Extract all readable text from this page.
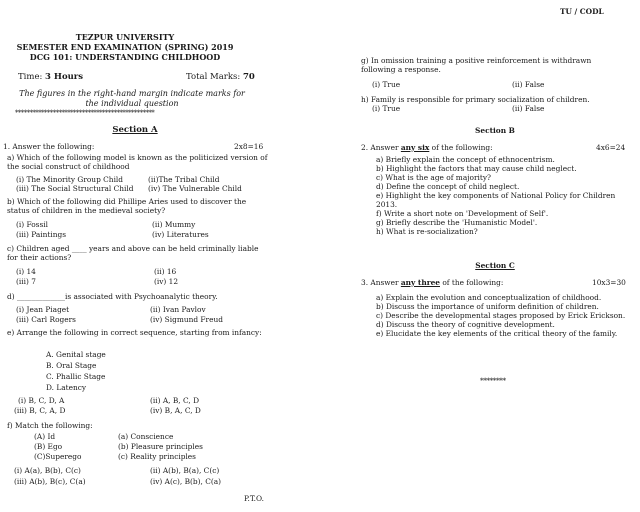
TU / CODL
TEZPUR UNIVERSITY
SEMESTER END EXAMINATION (SPRING) 2019
DCG 101: UNDERSTANDING CHILDHOOD
Time: 3 Hours	Total Marks: 70
The figures in the right-hand margin indicate marks for the individual question
************************************************
Section A
1. Answer the following:	2x8=16
a) Which of the following model is known as the politicized version of the social construct of childhood
(i) The Minority Group Child	(ii)The Tribal Child
(iii) The Social Structural Child (iv) The Vulnerable Child
b) Which of the following did Phillipe Aries used to discover the status of children in the medieval society?
(i) Fossil	(ii) Mummy
(iii) Paintings	(iv) Literatures
c) Children aged ____ years and above can be held criminally liable for their actions?
(i) 14	(ii) 16
(iii) 7	(iv) 12
d) _____________is associated with Psychoanalytic theory.
(i) Jean Piaget	(ii) Ivan Pavlov
(iii) Carl Rogers	(iv) Sigmund Freud
e) Arrange the following in correct sequence, starting from infancy:
A. Genital stage
B. Oral Stage
C. Phallic Stage
D. Latency
(i) B, C, D, A	(ii) A, B, C, D
(iii) B, C, A, D	(iv) B, A, C, D
f) Match the following:
(A) Id	(a) Conscience
(B) Ego	(b) Pleasure principles
(C)Superego	(c) Reality principles
(i) A(a), B(b), C(c)	(ii) A(b), B(a), C(c)
(iii) A(b), B(c), C(a)	(iv) A(c), B(b), C(a)
P.T.O.
g) In omission training a positive reinforcement is withdrawn following a response.
(i) True	(ii) False
h) Family is responsible for primary socialization of children.
(i) True	(ii) False
Section B
2. Answer any six of the following:	4x6=24
a) Briefly explain the concept of ethnocentrism.
b) Highlight the factors that may cause child neglect.
c) What is the age of majority?
d) Define the concept of child neglect.
e) Highlight the key components of National Policy for Children 2013.
f) Write a short note on 'Development of Self'.
g) Briefly describe the 'Humanistic Model'.
h) What is re-socialization?
Section C
3. Answer any three of the following:	10x3=30
a) Explain the evolution and conceptualization of childhood.
b) Discuss the importance of uniform definition of children.
c) Describe the developmental stages proposed by Erick Erickson.
d) Discuss the theory of cognitive development.
e) Elucidate the key elements of the critical theory of the family.
********
